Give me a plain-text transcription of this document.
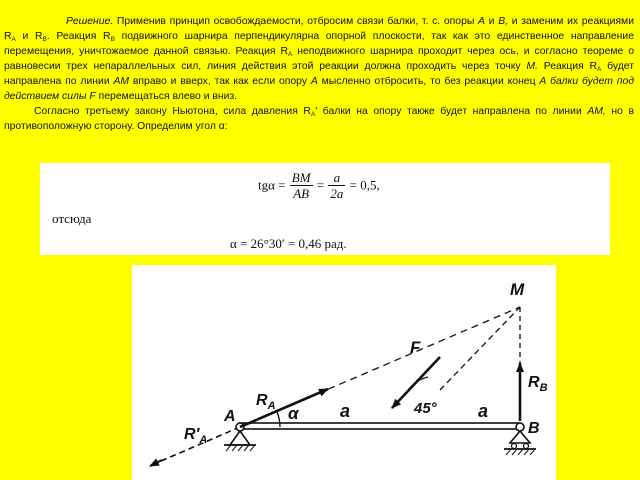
Решение. Применив принцип освобождаемости, отбросим связи балки, т. с. опоры А и В, и заменим их реакциями $R_A$ и $R_B$. Реакция $R_B$ подвижного шарнира перпендикулярна опорной плоскости, так как это единственное направление перемещения, уничтожаемое данной связью. Реакция $R_A$ неподвижного шарнира проходит через ось, и согласно теореме о равновесии трех непараллельных сил, линия действия этой реакции должна проходить через точку М. Реакция $R_A$ будет направлена по линии АМ вправо и вверх, так как если опору А мысленно отбросить, то без реакции конец А балки будет под действием силы F перемещаться влево и вниз.

Согласно третьему закону Ньютона, сила давления $R_A'$ балки на опору также будет направлена по линии АМ, но в противоположную сторону. Определим угол α:

$tg\alpha = \frac{BM}{AB} = \frac{a}{2a} = 0,5$,
отсюда
α = 26°30′ = 0,46 рад.
M
F
$R_A$
$R_B$
A
B
$R'_A$
α a	a
45°
